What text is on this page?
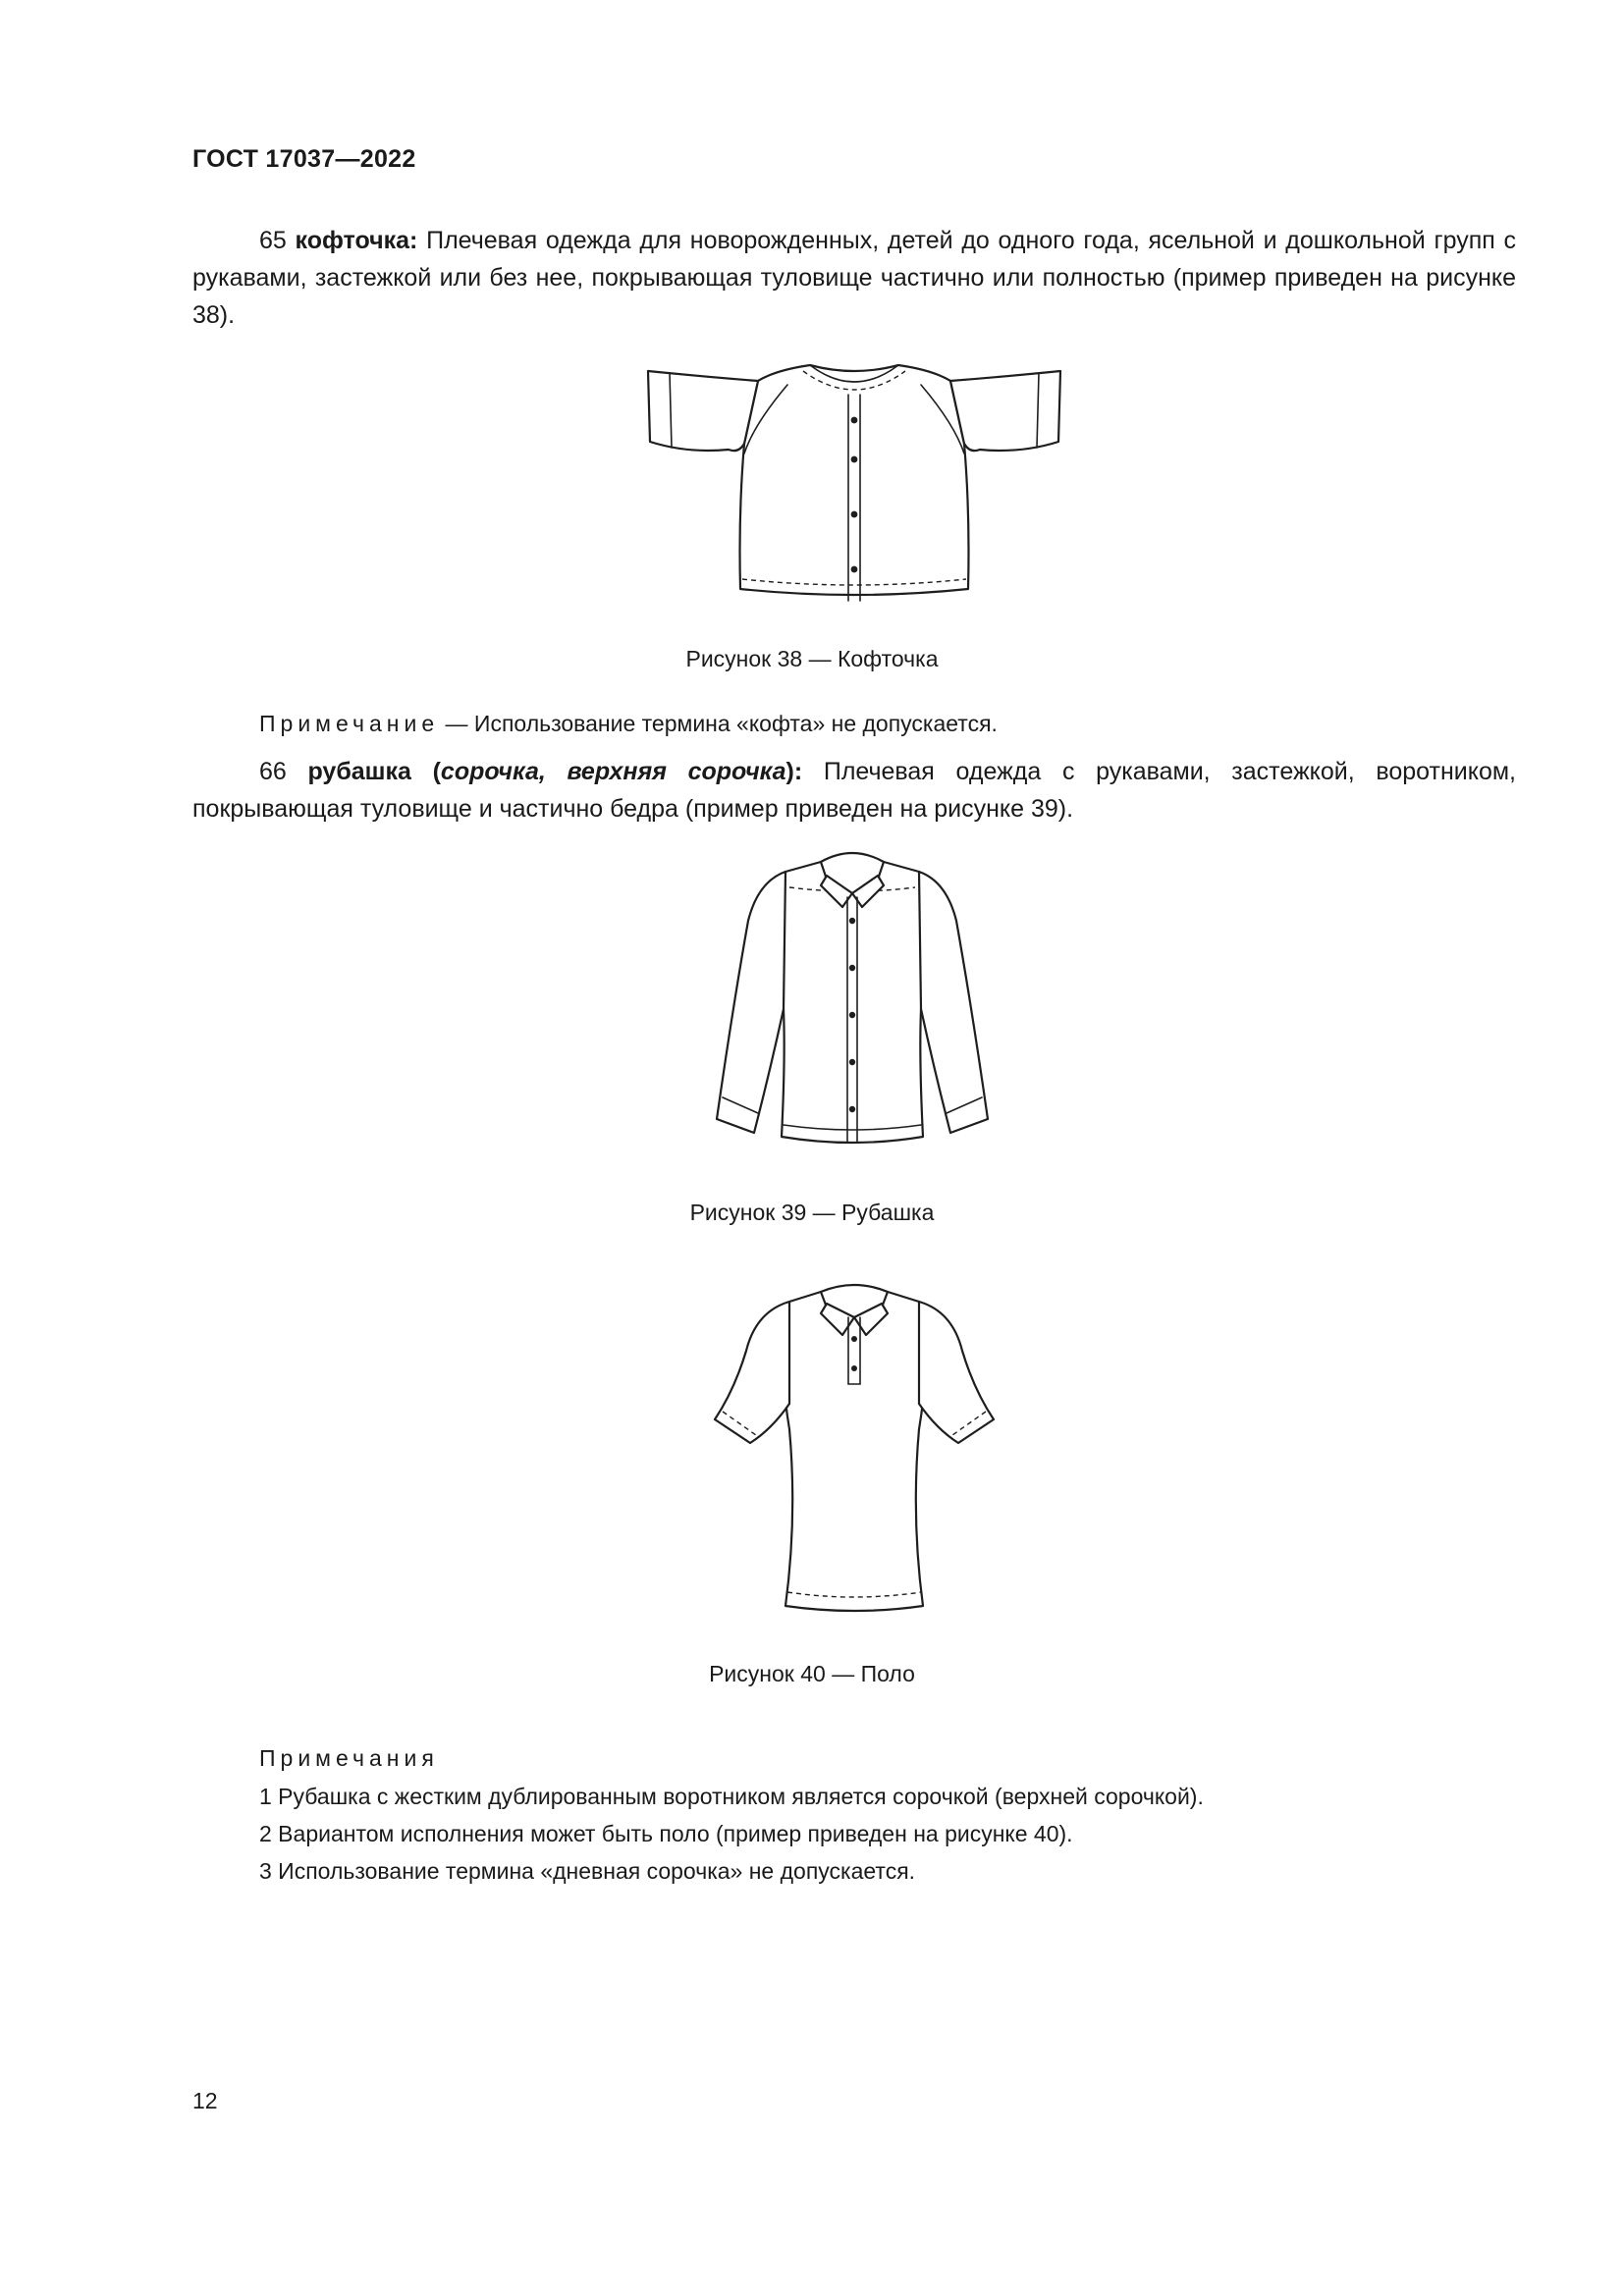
ГОСТ 17037—2022
65 кофточка: Плечевая одежда для новорожденных, детей до одного года, ясельной и дошкольной групп с рукавами, застежкой или без нее, покрывающая туловище частично или полностью (пример приведен на рисунке 38).
Рисунок 38 — Кофточка
Примечание — Использование термина «кофта» не допускается.
66 рубашка (сорочка, верхняя сорочка): Плечевая одежда с рукавами, застежкой, воротником, покрывающая туловище и частично бедра (пример приведен на рисунке 39).
Рисунок 39 — Рубашка
Рисунок 40 — Поло
Примечания
1 Рубашка с жестким дублированным воротником является сорочкой (верхней сорочкой).
2 Вариантом исполнения может быть поло (пример приведен на рисунке 40).
3 Использование термина «дневная сорочка» не допускается.
12
